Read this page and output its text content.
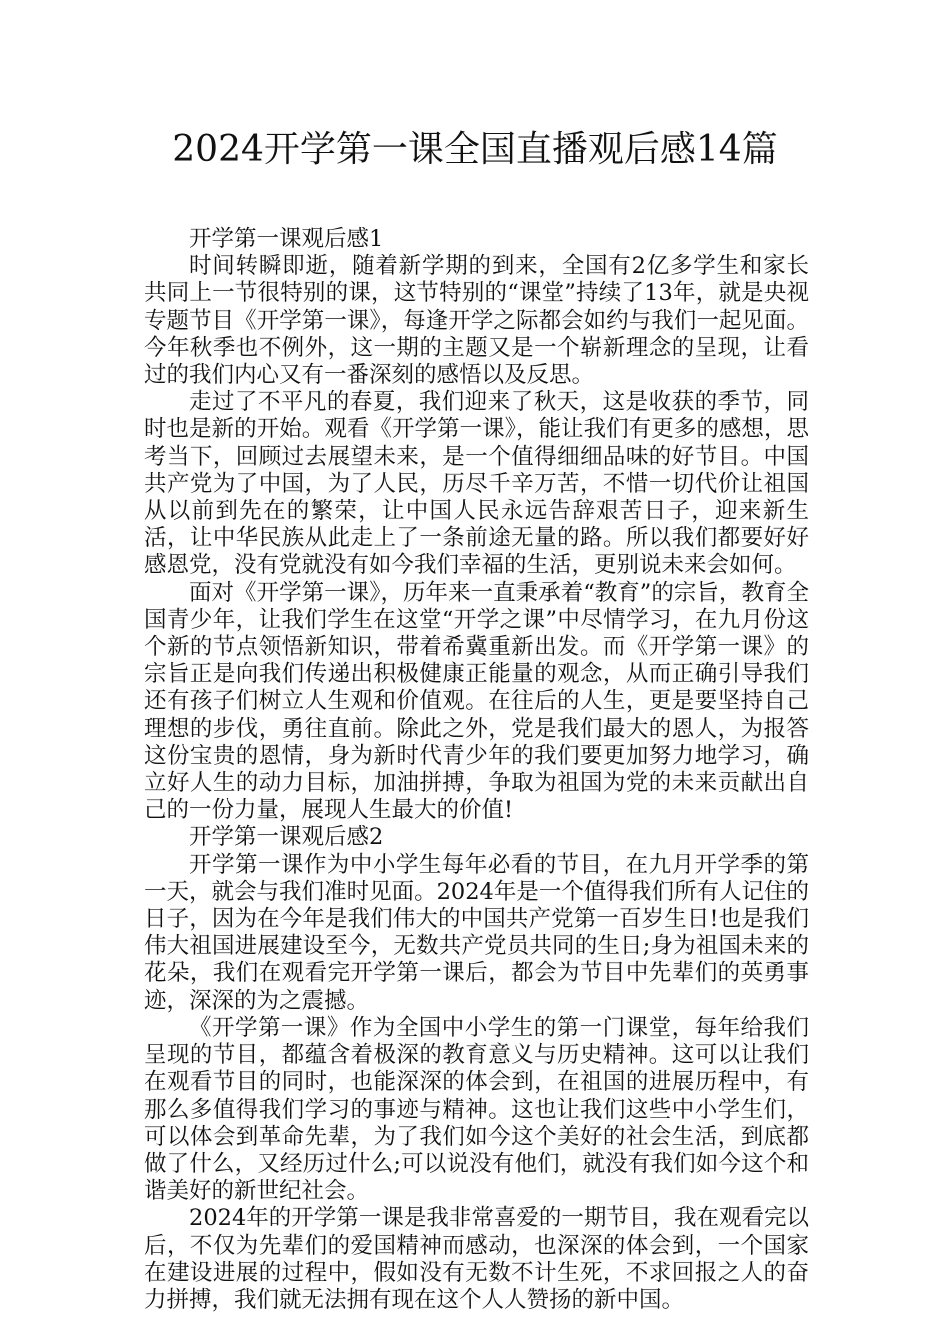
2024开学第一课全国直播观后感14篇

开学第一课观后感1

时间转瞬即逝，随着新学期的到来，全国有2亿多学生和家长共同上一节很特别的课，这节特别的“课堂”持续了13年，就是央视专题节目《开学第一课》，每逢开学之际都会如约与我们一起见面。今年秋季也不例外，这一期的主题又是一个崭新理念的呈现，让看过的我们内心又有一番深刻的感悟以及反思。

走过了不平凡的春夏，我们迎来了秋天，这是收获的季节，同时也是新的开始。观看《开学第一课》，能让我们有更多的感想，思考当下，回顾过去展望未来，是一个值得细细品味的好节目。中国共产党为了中国，为了人民，历尽千辛万苦，不惜一切代价让祖国从以前到先在的繁荣，让中国人民永远告辞艰苦日子，迎来新生活，让中华民族从此走上了一条前途无量的路。所以我们都要好好感恩党，没有党就没有如今我们幸福的生活，更别说未来会如何。

面对《开学第一课》，历年来一直秉承着“教育”的宗旨，教育全国青少年，让我们学生在这堂“开学之课”中尽情学习，在九月份这个新的节点领悟新知识，带着希冀重新出发。而《开学第一课》的宗旨正是向我们传递出积极健康正能量的观念，从而正确引导我们还有孩子们树立人生观和价值观。在往后的人生，更是要坚持自己理想的步伐，勇往直前。除此之外，党是我们最大的恩人，为报答这份宝贵的恩情，身为新时代青少年的我们要更加努力地学习，确立好人生的动力目标，加油拼搏，争取为祖国为党的未来贡献出自己的一份力量，展现人生最大的价值!

开学第一课观后感2

开学第一课作为中小学生每年必看的节目，在九月开学季的第一天，就会与我们准时见面。2024年是一个值得我们所有人记住的日子，因为在今年是我们伟大的中国共产党第一百岁生日!也是我们伟大祖国进展建设至今，无数共产党员共同的生日;身为祖国未来的花朵，我们在观看完开学第一课后，都会为节目中先辈们的英勇事迹，深深的为之震撼。

《开学第一课》作为全国中小学生的第一门课堂，每年给我们呈现的节目，都蕴含着极深的教育意义与历史精神。这可以让我们在观看节目的同时，也能深深的体会到，在祖国的进展历程中，有那么多值得我们学习的事迹与精神。这也让我们这些中小学生们，可以体会到革命先辈，为了我们如今这个美好的社会生活，到底都做了什么，又经历过什么;可以说没有他们，就没有我们如今这个和谐美好的新世纪社会。

2024年的开学第一课是我非常喜爱的一期节目，我在观看完以后，不仅为先辈们的爱国精神而感动，也深深的体会到，一个国家在建设进展的过程中，假如没有无数不计生死，不求回报之人的奋力拼搏，我们就无法拥有现在这个人人赞扬的新中国。
